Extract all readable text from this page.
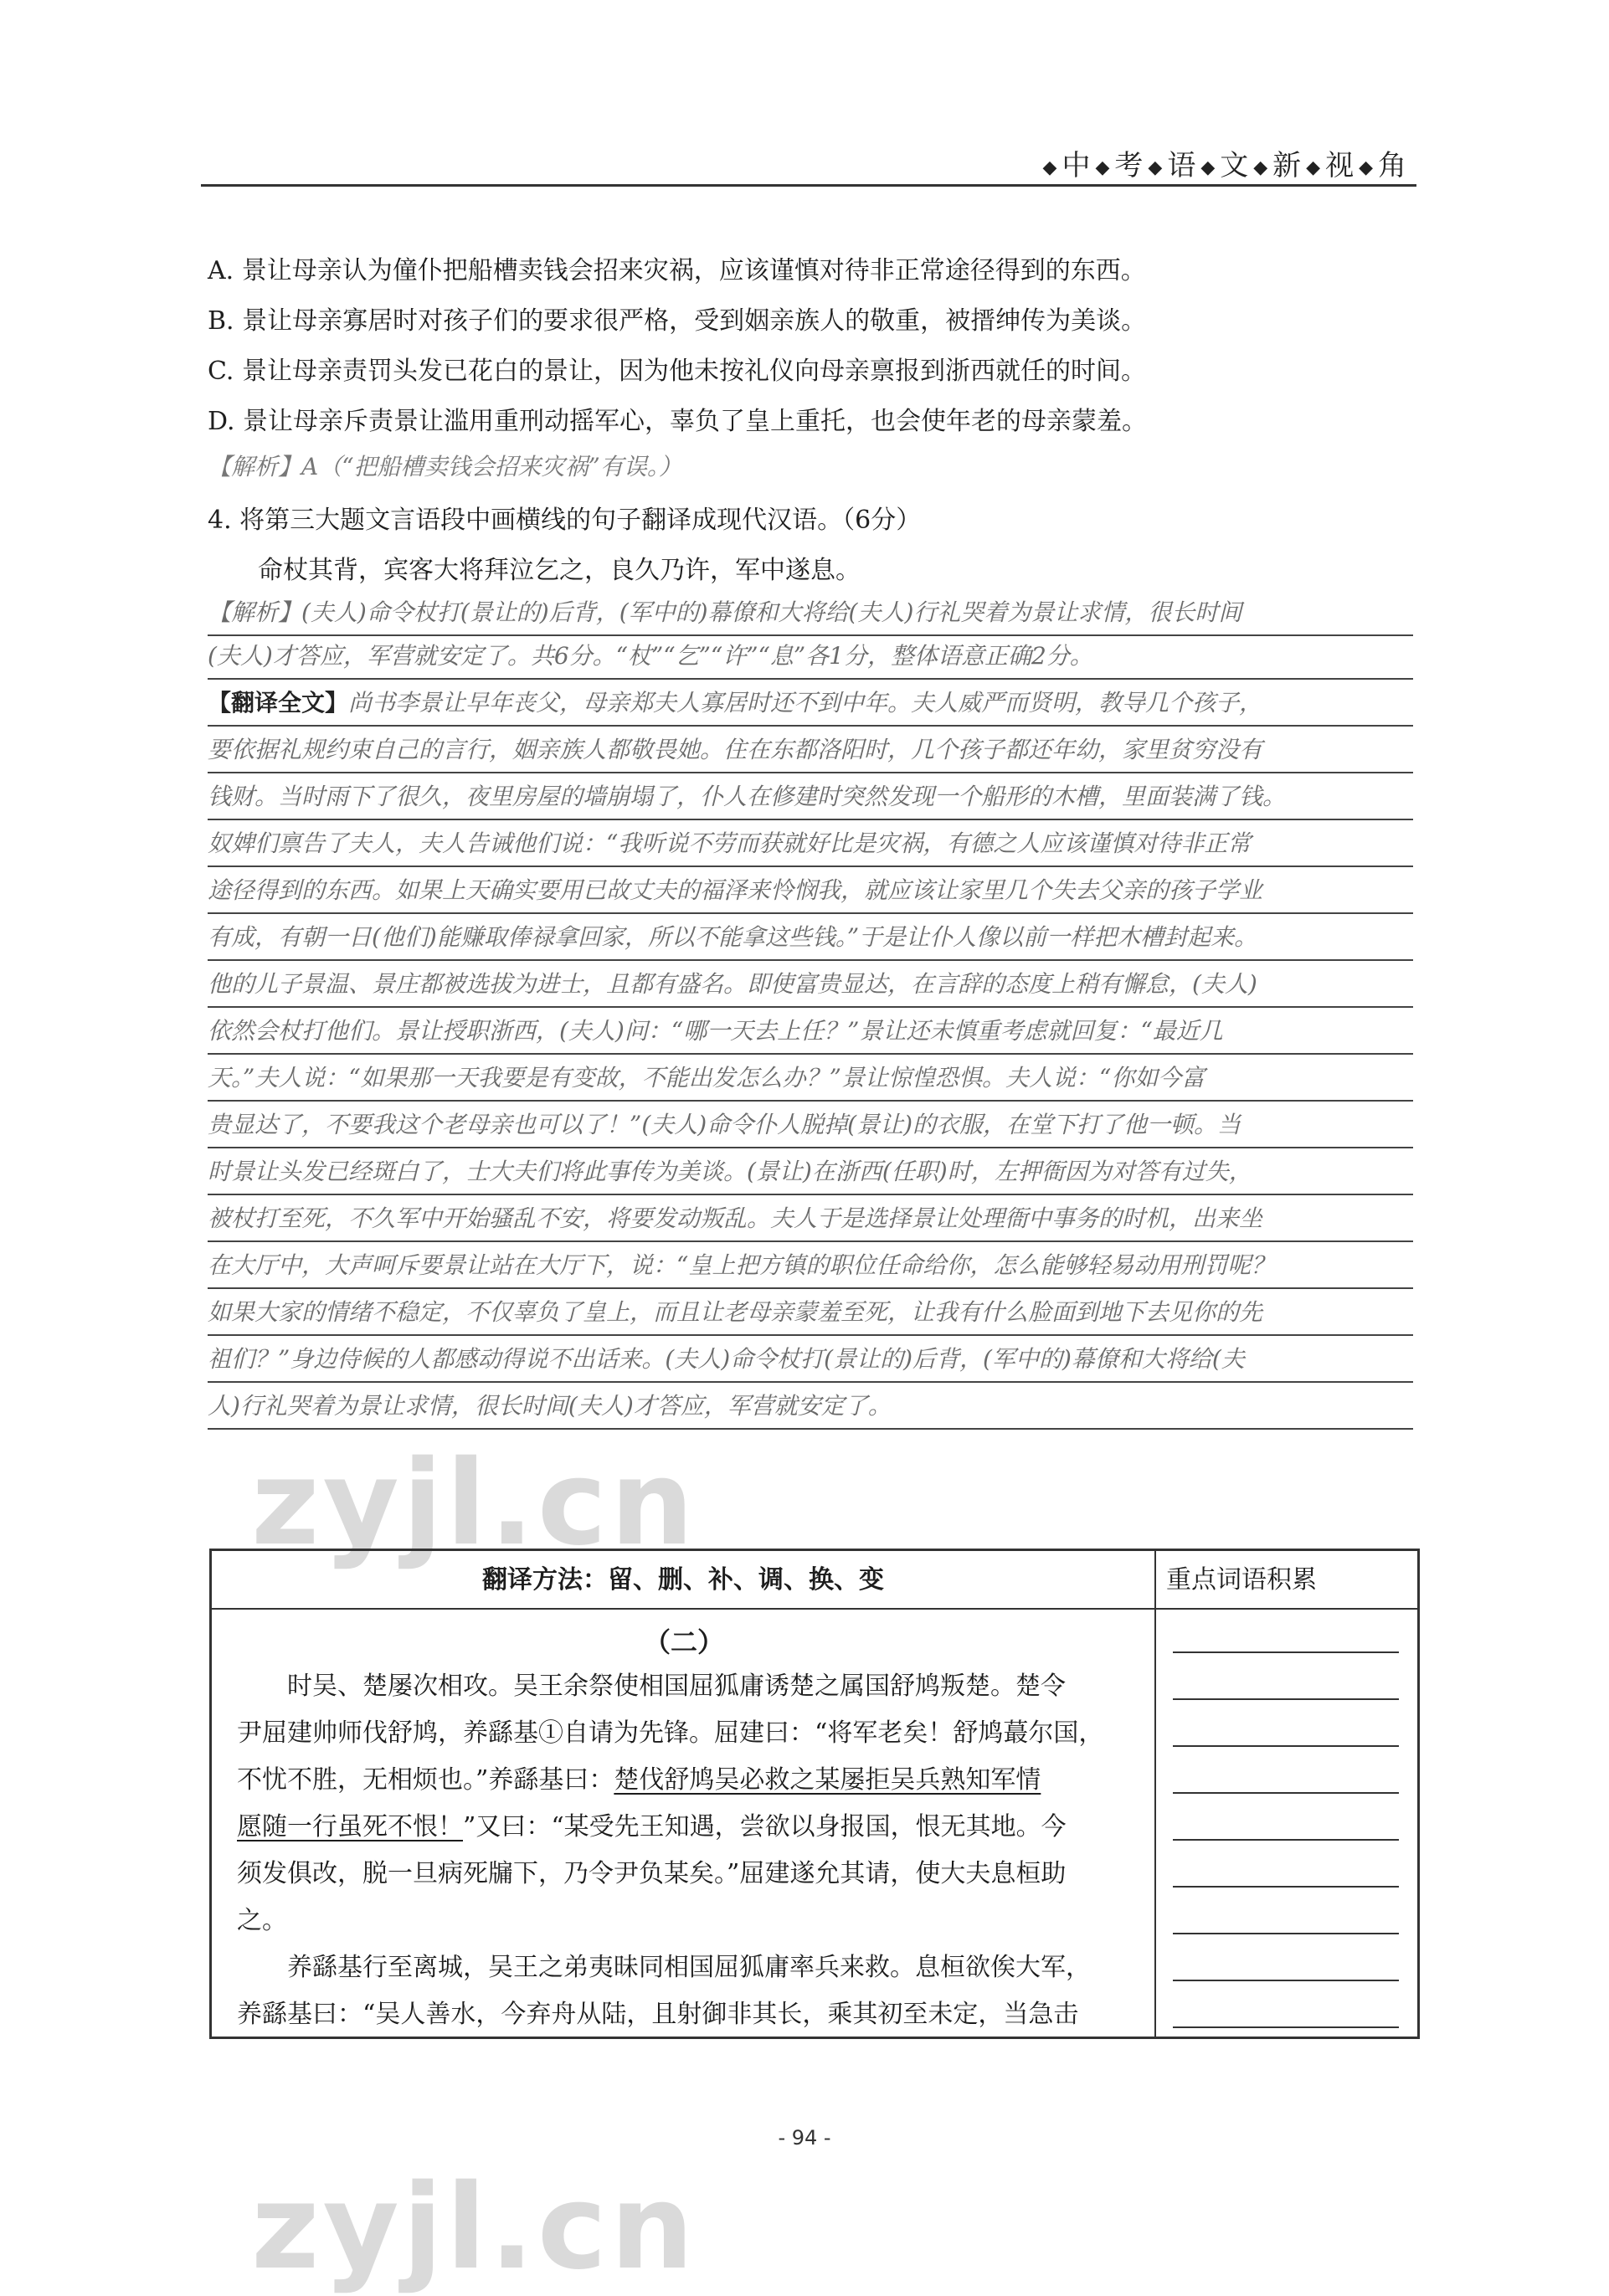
◆ 中 ◆ 考 ◆ 语 ◆ 文 ◆ 新 ◆ 视 ◆ 角
A. 景让母亲认为僮仆把船槽卖钱会招来灾祸，应该谨慎对待非正常途径得到的东西。
B. 景让母亲寡居时对孩子们的要求很严格，受到姻亲族人的敬重，被搢绅传为美谈。
C. 景让母亲责罚头发已花白的景让，因为他未按礼仪向母亲禀报到浙西就任的时间。
D. 景让母亲斥责景让滥用重刑动摇军心，辜负了皇上重托，也会使年老的母亲蒙羞。
【解析】A（“把船槽卖钱会招来灾祸”有误。）
4. 将第三大题文言语段中画横线的句子翻译成现代汉语。（6分）
命杖其背，宾客大将拜泣乞之，良久乃许，军中遂息。
【解析】(夫人)命令杖打(景让的)后背，(军中的)幕僚和大将给(夫人)行礼哭着为景让求情，很长时间
(夫人)才答应，军营就安定了。共6分。“杖”“乞”“许”“息”各1分，整体语意正确2分。
【翻译全文】尚书李景让早年丧父，母亲郑夫人寡居时还不到中年。夫人威严而贤明，教导几个孩子，
要依据礼规约束自己的言行，姻亲族人都敬畏她。住在东都洛阳时，几个孩子都还年幼，家里贫穷没有
钱财。当时雨下了很久，夜里房屋的墙崩塌了，仆人在修建时突然发现一个船形的木槽，里面装满了钱。
奴婢们禀告了夫人，夫人告诫他们说：“我听说不劳而获就好比是灾祸，有德之人应该谨慎对待非正常
途径得到的东西。如果上天确实要用已故丈夫的福泽来怜悯我，就应该让家里几个失去父亲的孩子学业
有成，有朝一日(他们)能赚取俸禄拿回家，所以不能拿这些钱。”于是让仆人像以前一样把木槽封起来。
他的儿子景温、景庄都被选拔为进士，且都有盛名。即使富贵显达，在言辞的态度上稍有懈怠，(夫人)
依然会杖打他们。景让授职浙西，(夫人)问：“哪一天去上任？”景让还未慎重考虑就回复：“最近几
天。”夫人说：“如果那一天我要是有变故，不能出发怎么办？”景让惊惶恐惧。夫人说：“你如今富
贵显达了，不要我这个老母亲也可以了！”(夫人)命令仆人脱掉(景让)的衣服，在堂下打了他一顿。当
时景让头发已经斑白了，士大夫们将此事传为美谈。(景让)在浙西(任职)时，左押衙因为对答有过失，
被杖打至死，不久军中开始骚乱不安，将要发动叛乱。夫人于是选择景让处理衙中事务的时机，出来坐
在大厅中，大声呵斥要景让站在大厅下，说：“皇上把方镇的职位任命给你，怎么能够轻易动用刑罚呢？
如果大家的情绪不稳定，不仅辜负了皇上，而且让老母亲蒙羞至死，让我有什么脸面到地下去见你的先
祖们？”身边侍候的人都感动得说不出话来。(夫人)命令杖打(景让的)后背，(军中的)幕僚和大将给(夫
人)行礼哭着为景让求情，很长时间(夫人)才答应，军营就安定了。
zyjl.cn
翻译方法：留、删、补、调、换、变	重点词语积累
（二）
时吴、楚屡次相攻。吴王余祭使相国屈狐庸诱楚之属国舒鸠叛楚。楚令
尹屈建帅师伐舒鸠，养繇基①自请为先锋。屈建曰：“将军老矣！舒鸠蕞尔国，
不忧不胜，无相烦也。”养繇基曰：楚伐舒鸠吴必救之某屡拒吴兵熟知军情
愿随一行虽死不恨！”又曰：“某受先王知遇，尝欲以身报国，恨无其地。今
须发俱改，脱一旦病死牖下，乃令尹负某矣。”屈建遂允其请，使大夫息桓助
之。
养繇基行至离城，吴王之弟夷昧同相国屈狐庸率兵来救。息桓欲俟大军，
养繇基曰：“吴人善水，今弃舟从陆，且射御非其长，乘其初至未定，当急击
- 94 -
zyjl.cn
